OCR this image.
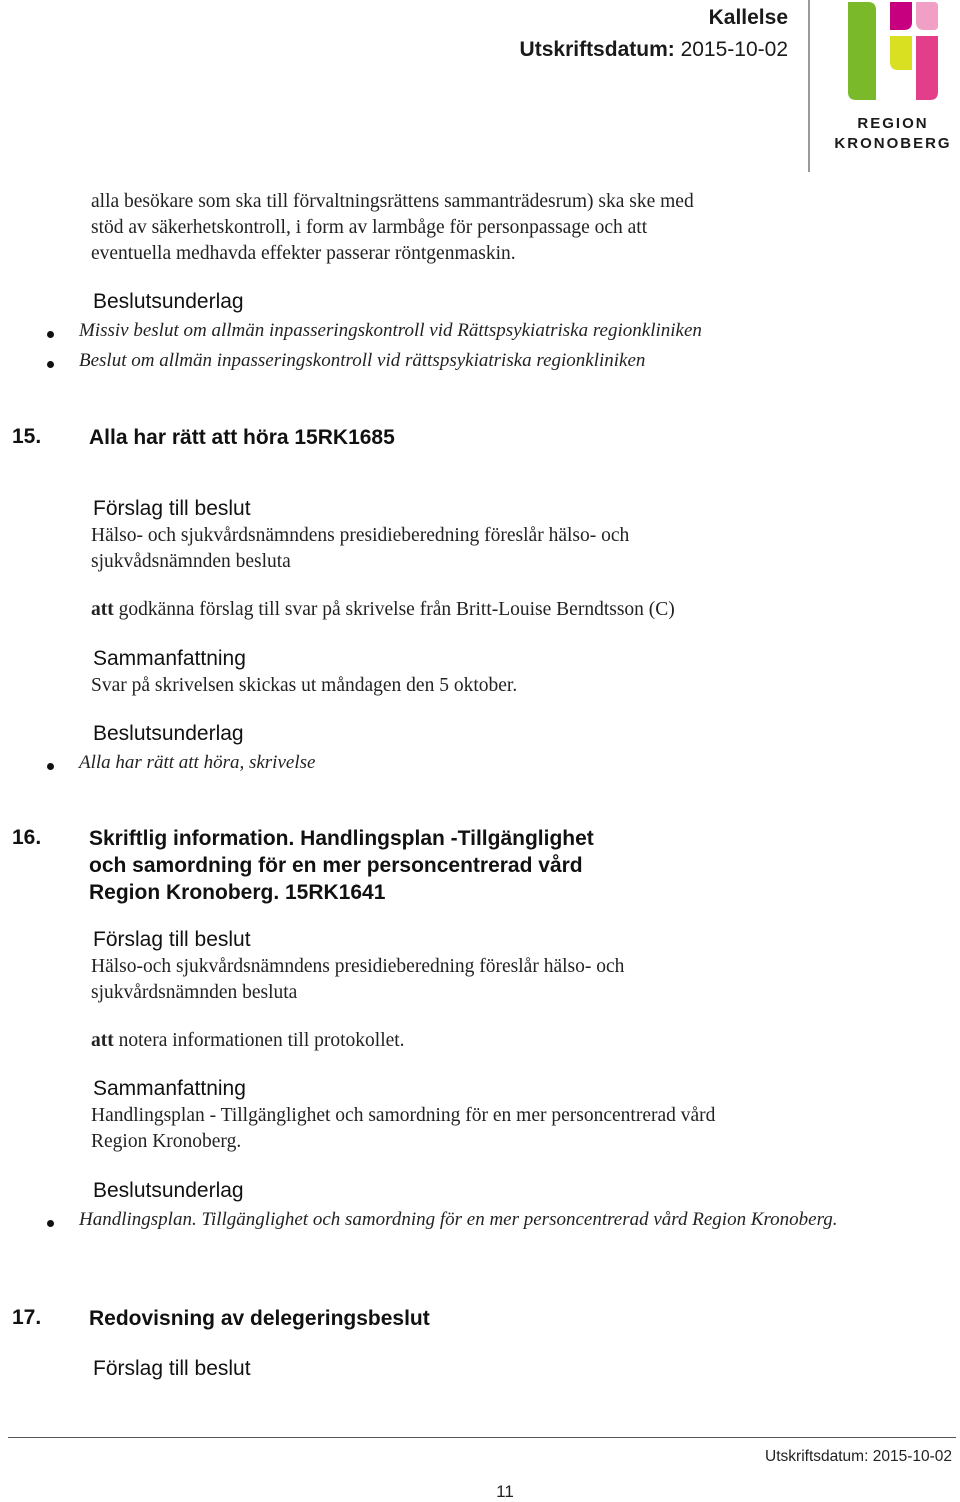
Kallelse
Utskriftsdatum: 2015-10-02
REGION
KRONOBERG
alla besökare som ska till förvaltningsrättens sammanträdesrum) ska ske med
stöd av säkerhetskontroll, i form av larmbåge för personpassage och att
eventuella medhavda effekter passerar röntgenmaskin.
Beslutsunderlag
Missiv beslut om allmän inpasseringskontroll vid Rättspsykiatriska regionkliniken
Beslut om allmän inpasseringskontroll vid rättspsykiatriska regionkliniken
15. Alla har rätt att höra 15RK1685
Förslag till beslut
Hälso- och sjukvårdsnämndens presidieberedning föreslår hälso- och
sjukvådsnämnden besluta
att godkänna förslag till svar på skrivelse från Britt-Louise Berndtsson (C)
Sammanfattning
Svar på skrivelsen skickas ut måndagen den 5 oktober.
Beslutsunderlag
Alla har rätt att höra, skrivelse
16. Skriftlig information. Handlingsplan -Tillgänglighet
och samordning för en mer personcentrerad vård
Region Kronoberg. 15RK1641
Förslag till beslut
Hälso-och sjukvårdsnämndens presidieberedning föreslår hälso- och
sjukvårdsnämnden besluta
att notera informationen till protokollet.
Sammanfattning
Handlingsplan - Tillgänglighet och samordning för en mer personcentrerad vård
Region Kronoberg.
Beslutsunderlag
Handlingsplan. Tillgänglighet och samordning för en mer personcentrerad vård Region Kronoberg.
17. Redovisning av delegeringsbeslut
Förslag till beslut
Utskriftsdatum: 2015-10-02
11
